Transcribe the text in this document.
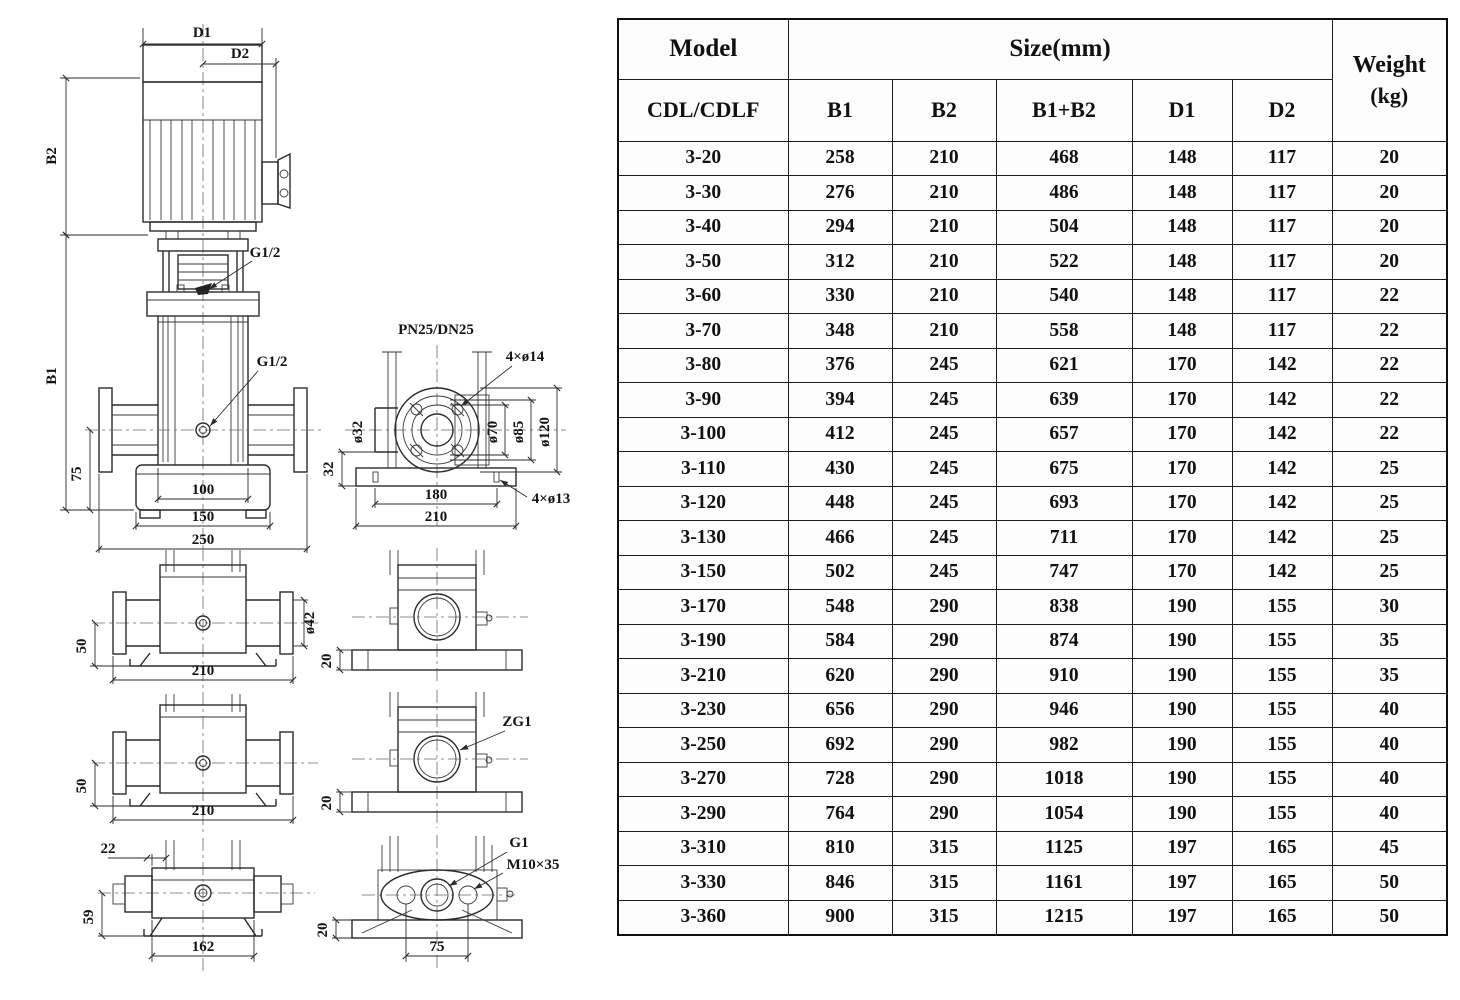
D1
D2
B2
B1
75
100
150
250
G1/2
G1/2
PN25/DN25
ø32	ø70 ø85 ø120
32
180
210
4×ø14
4×ø13
ø42
50
210
20
50
210
ZG1
20
22
59
162
G1
M10×35
20
75
Model	Size(mm)					Weight
(kg)

CDL/CDLF	B1	B2	B1+B2	D1	D2	
3-20	258	210	468	148	117	20
3-30	276	210	486	148	117	20
3-40	294	210	504	148	117	20
3-50	312	210	522	148	117	20
3-60	330	210	540	148	117	22
3-70	348	210	558	148	117	22
3-80	376	245	621	170	142	22
3-90	394	245	639	170	142	22
3-100	412	245	657	170	142	22
3-110	430	245	675	170	142	25
3-120	448	245	693	170	142	25
3-130	466	245	711	170	142	25
3-150	502	245	747	170	142	25
3-170	548	290	838	190	155	30
3-190	584	290	874	190	155	35
3-210	620	290	910	190	155	35
3-230	656	290	946	190	155	40
3-250	692	290	982	190	155	40
3-270	728	290	1018	190	155	40
3-290	764	290	1054	190	155	40
3-310	810	315	1125	197	165	45
3-330	846	315	1161	197	165	50
3-360	900	315	1215	197	165	50
